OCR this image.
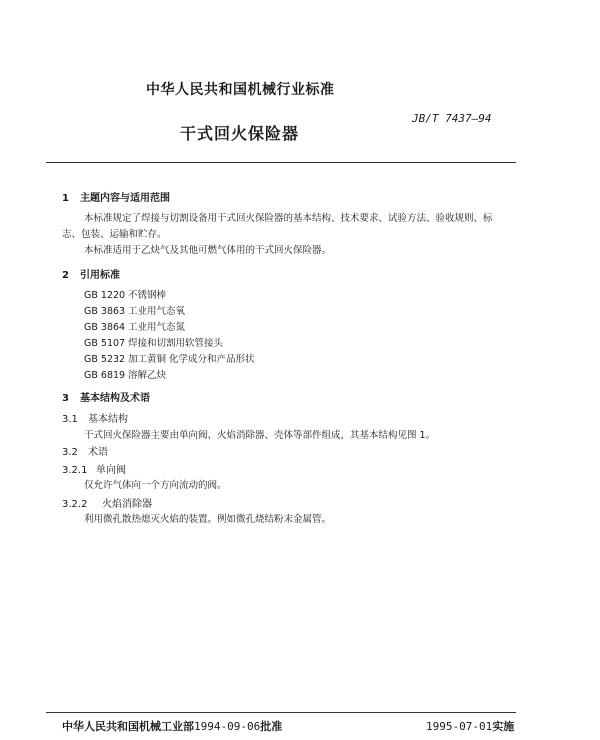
中华人民共和国机械行业标准
JB/T 7437—94
干式回火保险器
1 主题内容与适用范围
本标准规定了焊接与切割设备用干式回火保险器的基本结构、技术要求、试验方法、验收规则、标
志、包装、运输和贮存。
本标准适用于乙炔气及其他可燃气体用的干式回火保险器。
2 引用标准
GB 1220 不锈钢棒
GB 3863 工业用气态氧
GB 3864 工业用气态氮
GB 5107 焊接和切割用软管接头
GB 5232 加工黄铜 化学成分和产品形状
GB 6819 溶解乙炔
3 基本结构及术语
3.1 基本结构
干式回火保险器主要由单向阀、火焰消除器、壳体等部件组成，其基本结构见图 1。
3.2 术语
3.2.1 单向阀
仅允许气体向一个方向流动的阀。
3.2.2 火焰消除器
利用微孔散热熄灭火焰的装置。例如微孔烧结粉末金属管。
中华人民共和国机械工业部1994-09-06批准	1995-07-01实施
